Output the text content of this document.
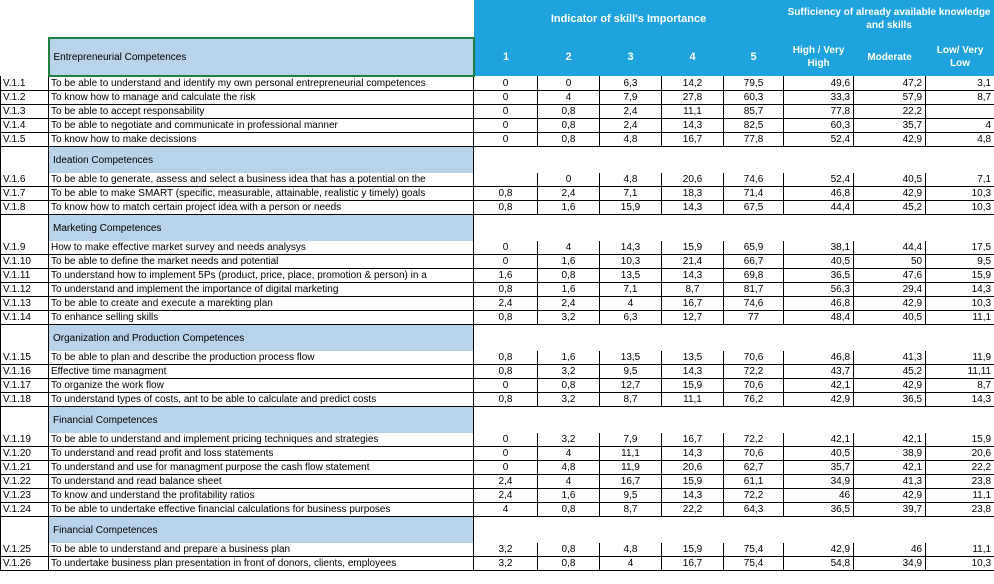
		Indicator of skill's Importance					Sufficiency of already available knowledge and skills		
	Entrepreneurial Competences	1	2	3	4	5	High / Very High	Moderate	Low/ Very Low
V.1.1	To be able to understand and identify my own personal entrepreneurial competences	0	0	6,3	14,2	79,5	49,6	47,2	3,1
V.1.2	To know how to manage and calculate the risk	0	4	7,9	27,8	60,3	33,3	57,9	8,7
V.1.3	To be able to accept responsability	0	0,8	2,4	11,1	85,7	77,8	22,2	
V.1.4	To be able to negotiate and communicate in professional manner	0	0,8	2,4	14,3	82,5	60,3	35,7	4
V.1.5	To know how to make decissions	0	0,8	4,8	16,7	77,8	52,4	42,9	4,8
	Ideation Competences								
V.1.6	To be able to generate, assess and select a business idea that has a potential on the		0	4,8	20,6	74,6	52,4	40,5	7,1
V.1.7	To be able to make SMART (specific, measurable, attainable, realistic y timely) goals	0,8	2,4	7,1	18,3	71,4	46,8	42,9	10,3
V.1.8	To know how to match certain project idea with a person or needs	0,8	1,6	15,9	14,3	67,5	44,4	45,2	10,3
	Marketing Competences								
V.1.9	How to make effective market survey and needs analysys	0	4	14,3	15,9	65,9	38,1	44,4	17,5
V.1.10	To be able to define the market needs and potential	0	1,6	10,3	21,4	66,7	40,5	50	9,5
V.1.11	To understand how to implement 5Ps (product, price, place, promotion & person) in a	1,6	0,8	13,5	14,3	69,8	36,5	47,6	15,9
V.1.12	To understand and implement the importance of digital marketing	0,8	1,6	7,1	8,7	81,7	56,3	29,4	14,3
V.1.13	To be able to create and execute a marekting plan	2,4	2,4	4	16,7	74,6	46,8	42,9	10,3
V.1.14	To enhance selling skills	0,8	3,2	6,3	12,7	77	48,4	40,5	11,1
	Organization and Production Competences								
V.1.15	To be able to plan and describe the production process flow	0,8	1,6	13,5	13,5	70,6	46,8	41,3	11,9
V.1.16	Effective time managment	0,8	3,2	9,5	14,3	72,2	43,7	45,2	11,11
V.1.17	To organize the work flow	0	0,8	12,7	15,9	70,6	42,1	42,9	8,7
V.1.18	To understand types of costs, ant to be able to calculate and predict costs	0,8	3,2	8,7	11,1	76,2	42,9	36,5	14,3
	Financial Competences								
V.1.19	To be able to understand and implement pricing techniques and strategies	0	3,2	7,9	16,7	72,2	42,1	42,1	15,9
V.1.20	To understand and read profit and loss statements	0	4	11,1	14,3	70,6	40,5	38,9	20,6
V.1.21	To understand and use for managment purpose the cash flow statement	0	4,8	11,9	20,6	62,7	35,7	42,1	22,2
V.1.22	To understand and read balance sheet	2,4	4	16,7	15,9	61,1	34,9	41,3	23,8
V.1.23	To know and understand the profitability ratios	2,4	1,6	9,5	14,3	72,2	46	42,9	11,1
V.1.24	To be able to undertake effective financial calculations for business purposes	4	0,8	8,7	22,2	64,3	36,5	39,7	23,8
	Financial Competences								
V.1.25	To be able to understand and prepare a business plan	3,2	0,8	4,8	15,9	75,4	42,9	46	11,1
V.1.26	To undertake business plan presentation in front of donors, clients, employees	3,2	0,8	4	16,7	75,4	54,8	34,9	10,3
